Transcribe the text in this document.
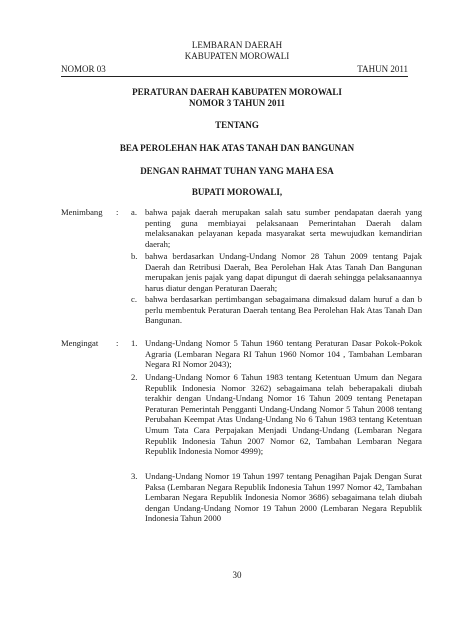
LEMBARAN DAERAH
KABUPATEN MOROWALI
NOMOR 03	TAHUN 2011
PERATURAN DAERAH KABUPATEN MOROWALI
NOMOR 3 TAHUN 2011
TENTANG
BEA PEROLEHAN HAK ATAS TANAH DAN BANGUNAN
DENGAN RAHMAT TUHAN YANG MAHA ESA
BUPATI MOROWALI,
Menimbang : a. bahwa pajak daerah merupakan salah satu sumber pendapatan daerah yang penting guna membiayai pelaksanaan Pemerintahan Daerah dalam melaksanakan pelayanan kepada masyarakat serta mewujudkan kemandirian daerah;
b. bahwa berdasarkan Undang-Undang Nomor 28 Tahun 2009 tentang Pajak Daerah dan Retribusi Daerah, Bea Perolehan Hak Atas Tanah Dan Bangunan merupakan jenis pajak yang dapat dipungut di daerah sehingga pelaksanaannya harus diatur dengan Peraturan Daerah;
c. bahwa berdasarkan pertimbangan sebagaimana dimaksud dalam huruf a dan b perlu membentuk Peraturan Daerah tentang Bea Perolehan Hak Atas Tanah Dan Bangunan.
Mengingat : 1. Undang-Undang Nomor 5 Tahun 1960 tentang Peraturan Dasar Pokok-Pokok Agraria (Lembaran Negara RI Tahun 1960 Nomor 104 , Tambahan Lembaran Negara RI Nomor 2043);
2. Undang-Undang Nomor 6 Tahun 1983 tentang Ketentuan Umum dan Negara Republik Indonesia Nomor 3262) sebagaimana telah beberapakali diubah terakhir dengan Undang-Undang Nomor 16 Tahun 2009 tentang Penetapan Peraturan Pemerintah Pengganti Undang-Undang Nomor 5 Tahun 2008 tentang Perubahan Keempat Atas Undang-Undang No 6 Tahun 1983 tentang Ketentuan Umum Tata Cara Perpajakan Menjadi Undang-Undang (Lembaran Negara Republik Indonesia Tahun 2007 Nomor 62, Tambahan Lembaran Negara Republik Indonesia Nomor 4999);
3. Undang-Undang Nomor 19 Tahun 1997 tentang Penagihan Pajak Dengan Surat Paksa (Lembaran Negara Republik Indonesia Tahun 1997 Nomor 42, Tambahan Lembaran Negara Republik Indonesia Nomor 3686) sebagaimana telah diubah dengan Undang-Undang Nomor 19 Tahun 2000 (Lembaran Negara Republik Indonesia Tahun 2000
30
